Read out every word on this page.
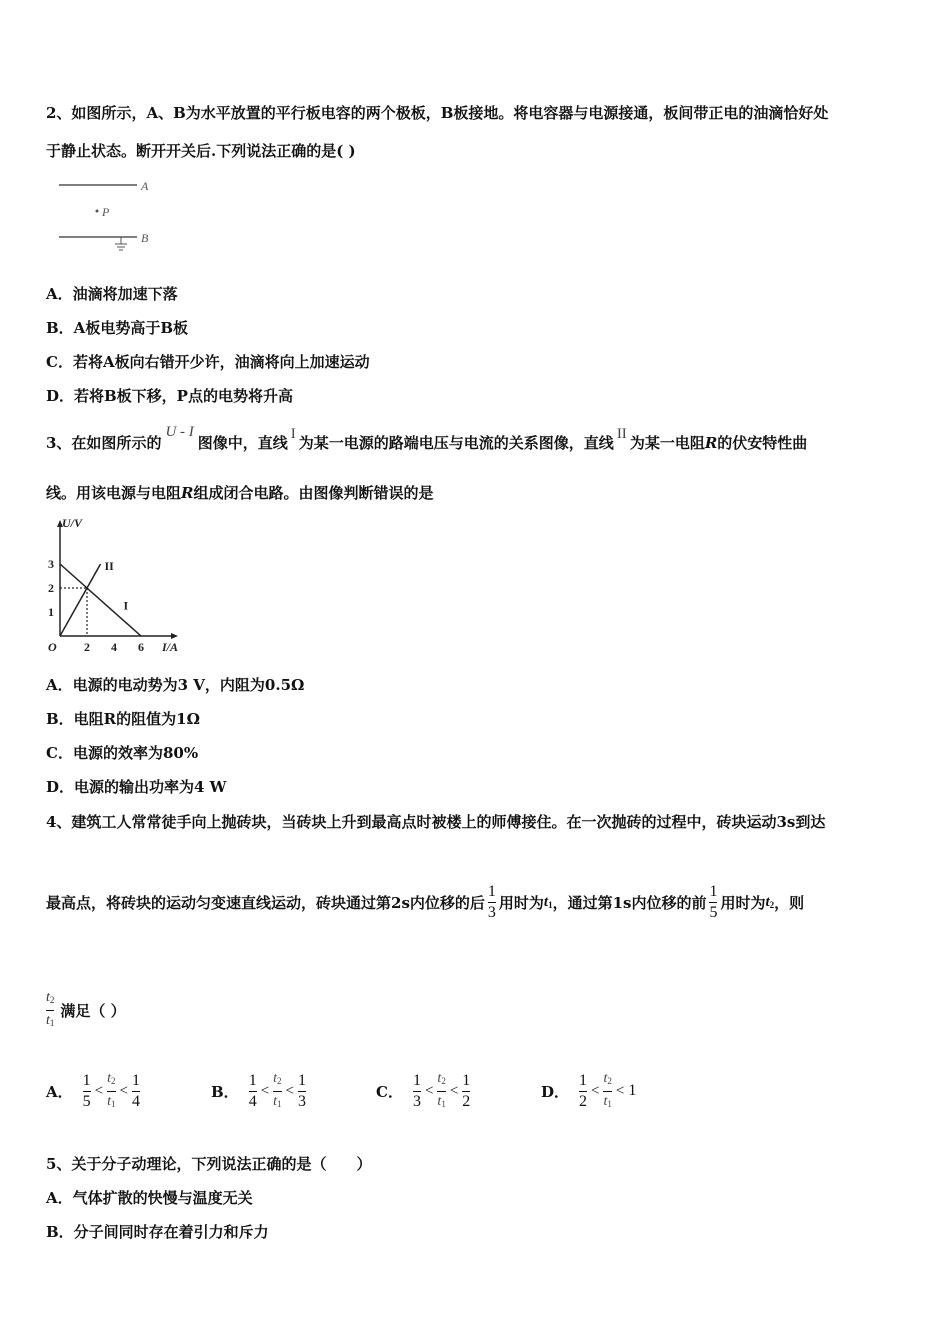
2、如图所示，A、B为水平放置的平行板电容的两个极板，B板接地。将电容器与电源接通，板间带正电的油滴恰好处
于静止状态。断开开关后.下列说法正确的是( )
A
P
B
A．油滴将加速下落
B．A板电势高于B板
C．若将A板向右错开少许，油滴将向上加速运动
D．若将B板下移，P点的电势将升高
3、在如图所示的U - I图像中，直线 I 为某一电源的路端电压与电流的关系图像，直线 II 为某一电阻R的伏安特性曲
线。用该电源与电阻R组成闭合电路。由图像判断错误的是
U/V
I/A
O 2 4 6
1
2
3
I
II
A．电源的电动势为3 V，内阻为0.5Ω
B．电阻R的阻值为1Ω
C．电源的效率为80%
D．电源的输出功率为4 W
4、建筑工人常常徒手向上抛砖块，当砖块上升到最高点时被楼上的师傅接住。在一次抛砖的过程中，砖块运动3s到达
最高点，将砖块的运动匀变速直线运动，砖块通过第2s内位移的后 $\frac{1}{3}$ 用时为 $t_1$ ，通过第1s内位移的前 $\frac{1}{5}$ 用时为 $t_2$ ，则
$\frac{t_2}{t_1}$ 满足（ ）
A． $\frac{1}{5} < \frac{t_2}{t_1} < \frac{1}{4}$	B． $\frac{1}{4} < \frac{t_2}{t_1} < \frac{1}{3}$	C． $\frac{1}{3} < \frac{t_2}{t_1} < \frac{1}{2}$	D． $\frac{1}{2} < \frac{t_2}{t_1} < 1$
5、关于分子动理论，下列说法正确的是（　　）
A．气体扩散的快慢与温度无关
B．分子间同时存在着引力和斥力
